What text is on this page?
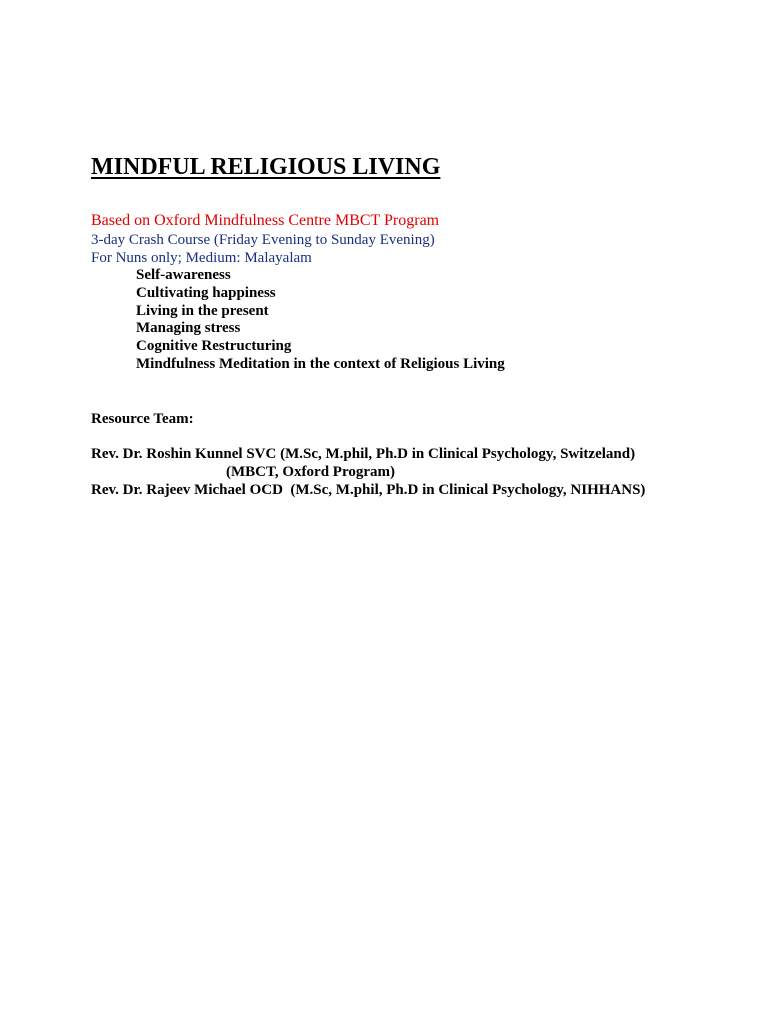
MINDFUL RELIGIOUS LIVING
Based on Oxford Mindfulness Centre MBCT Program
3-day Crash Course (Friday Evening to Sunday Evening)
For Nuns only; Medium: Malayalam
Self-awareness
Cultivating happiness
Living in the present
Managing stress
Cognitive Restructuring
Mindfulness Meditation in the context of Religious Living
Resource Team:
Rev. Dr. Roshin Kunnel SVC (M.Sc, M.phil, Ph.D in Clinical Psychology, Switzeland)
(MBCT, Oxford Program)
Rev. Dr. Rajeev Michael OCD  (M.Sc, M.phil, Ph.D in Clinical Psychology, NIHHANS)
